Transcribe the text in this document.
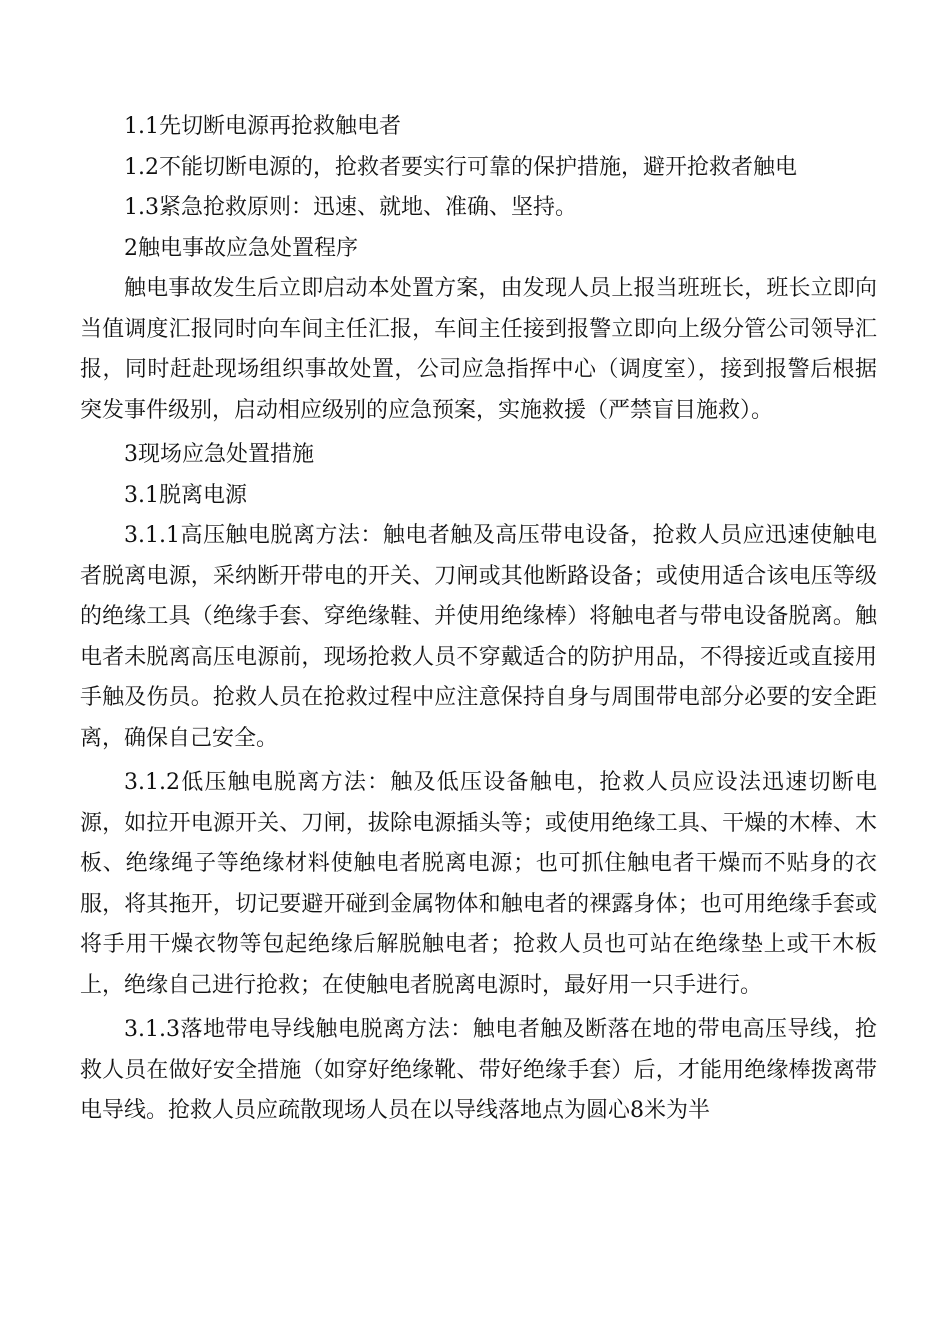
1.1先切断电源再抢救触电者

1.2不能切断电源的，抢救者要实行可靠的保护措施，避开抢救者触电

1.3紧急抢救原则：迅速、就地、准确、坚持。

2触电事故应急处置程序

触电事故发生后立即启动本处置方案，由发现人员上报当班班长，班长立即向当值调度汇报同时向车间主任汇报，车间主任接到报警立即向上级分管公司领导汇报，同时赶赴现场组织事故处置，公司应急指挥中心（调度室），接到报警后根据突发事件级别，启动相应级别的应急预案，实施救援（严禁盲目施救）。

3现场应急处置措施

3.1脱离电源

3.1.1高压触电脱离方法：触电者触及高压带电设备，抢救人员应迅速使触电者脱离电源，采纳断开带电的开关、刀闸或其他断路设备；或使用适合该电压等级的绝缘工具（绝缘手套、穿绝缘鞋、并使用绝缘棒）将触电者与带电设备脱离。触电者未脱离高压电源前，现场抢救人员不穿戴适合的防护用品，不得接近或直接用手触及伤员。抢救人员在抢救过程中应注意保持自身与周围带电部分必要的安全距离，确保自己安全。

3.1.2低压触电脱离方法：触及低压设备触电，抢救人员应设法迅速切断电源，如拉开电源开关、刀闸，拔除电源插头等；或使用绝缘工具、干燥的木棒、木板、绝缘绳子等绝缘材料使触电者脱离电源；也可抓住触电者干燥而不贴身的衣服，将其拖开，切记要避开碰到金属物体和触电者的裸露身体；也可用绝缘手套或将手用干燥衣物等包起绝缘后解脱触电者；抢救人员也可站在绝缘垫上或干木板上，绝缘自己进行抢救；在使触电者脱离电源时，最好用一只手进行。

3.1.3落地带电导线触电脱离方法：触电者触及断落在地的带电高压导线，抢救人员在做好安全措施（如穿好绝缘靴、带好绝缘手套）后，才能用绝缘棒拨离带电导线。抢救人员应疏散现场人员在以导线落地点为圆心8米为半
